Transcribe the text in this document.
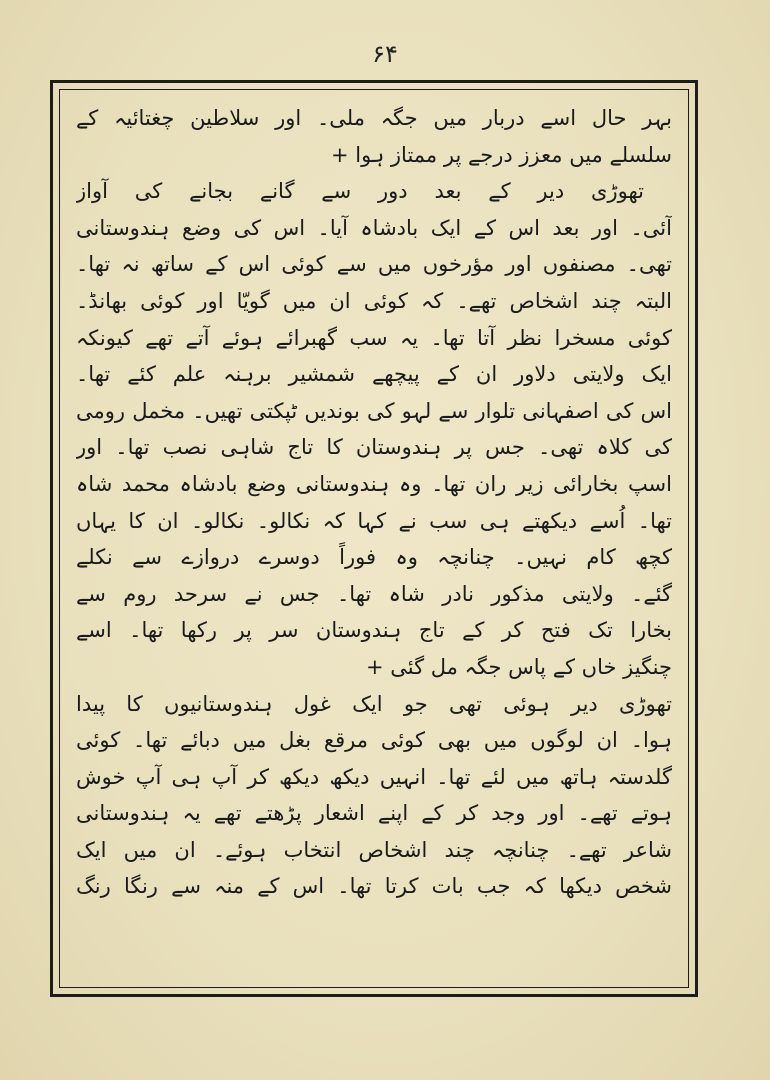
۶۴
بہر حال اسے دربار میں جگہ ملی۔ اور سلاطین چغتائیہ کے
سلسلے میں معزز درجے پر ممتاز ہوا +
تھوڑی دیر کے بعد دور سے گانے بجانے کی آواز
آئی۔ اور بعد اس کے ایک بادشاہ آیا۔ اس کی وضع ہندوستانی
تھی۔ مصنفوں اور مؤرخوں میں سے کوئی اس کے ساتھ نہ تھا۔
البتہ چند اشخاص تھے۔ کہ کوئی ان میں گویّا اور کوئی بھانڈ۔
کوئی مسخرا نظر آتا تھا۔ یہ سب گھبرائے ہوئے آتے تھے کیونکہ
ایک ولایتی دلاور ان کے پیچھے شمشیر برہنہ علم کئے تھا۔
اس کی اصفہانی تلوار سے لہو کی بوندیں ٹپکتی تھیں۔ مخمل رومی
کی کلاہ تھی۔ جس پر ہندوستان کا تاج شاہی نصب تھا۔ اور
اسپ بخارائی زیر ران تھا۔ وہ ہندوستانی وضع بادشاہ محمد شاہ
تھا۔ اُسے دیکھتے ہی سب نے کہا کہ نکالو۔ نکالو۔ ان کا یہاں
کچھ کام نہیں۔ چنانچہ وہ فوراً دوسرے دروازے سے نکلے
گئے۔ ولایتی مذکور نادر شاہ تھا۔ جس نے سرحد روم سے
بخارا تک فتح کر کے تاج ہندوستان سر پر رکھا تھا۔ اسے
چنگیز خاں کے پاس جگہ مل گئی +
تھوڑی دیر ہوئی تھی جو ایک غول ہندوستانیوں کا پیدا
ہوا۔ ان لوگوں میں بھی کوئی مرقع بغل میں دبائے تھا۔ کوئی
گلدستہ ہاتھ میں لئے تھا۔ انہیں دیکھ دیکھ کر آپ ہی آپ خوش
ہوتے تھے۔ اور وجد کر کے اپنے اشعار پڑھتے تھے یہ ہندوستانی
شاعر تھے۔ چنانچہ چند اشخاص انتخاب ہوئے۔ ان میں ایک
شخص دیکھا کہ جب بات کرتا تھا۔ اس کے منہ سے رنگا رنگ
